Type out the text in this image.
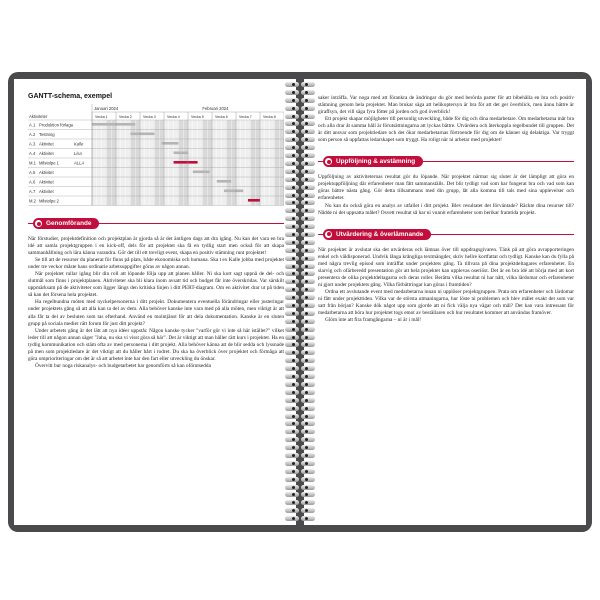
GANTT-schema, exempel
Januari 2024	Februari 2024
Aktiviteter	Vecka 1	Vecka 2	Vecka 3	Vecka 4	Vecka 5	Vecka 6	Vecka 7	Vecka 8
A.1 Produktion förlaga
A.2 Testning
A.3 Aktivitet	Kalle
A.4 Aktivitet	Lisa
M.1 Milstolpe 1	ALLA
A.5 Aktivitet
A.6 Aktivitet
A.7 Aktivitet
M.2 Milstolpe 2
Genomförande

När förstudier, projektdefinition och projektplan är gjorda så är det äntligen dags att dra igång. Nu kan det vara en bra idé att samla projektgruppen i en kick-off, dels för att projektet ska få en tydlig start men också för att skapa sammanhållning och lära känna varandra. Gör det till ett trevligt event, skapa en positiv stämning runt projektet!

Se till att de resurser du planerat för finns på plats, både ekonomiska och humana. Ska t ex Kalle jobba med projektet under tre veckor måste hans ordinarie arbetsuppgifter göras av någon annan.

När projektet rullar igång blir din roll att löpande följa upp att planen håller. Ni ska kort sagt uppnå de del- och slutmål som finns i projektplanen. Aktiviteter ska bli klara inom avsatt tid och budget får inte överskridas. Var särskilt uppmärksam på de aktiviteter som ligger längs den kritiska linjen i ditt PERT-diagram. Om en aktivitet drar ut på tiden så kan det försena hela projektet.

Ha regelbundna möten med nyckelpersonerna i ditt projekt. Dokumentera eventuella förändringar eller justeringar under projektets gång så att alla kan ta del av dem. Alla behöver kanske inte vara med på alla möten, men viktigt är att alla får ta del av besluten som tas efterhand. Använd en molntjänst för att dela dokumentation. Kanske är en sluten grupp på sociala medier rätt forum för just ditt projekt?

Under arbetets gång är det lätt att nya idéer uppstår. Någon kanske tycker "varför gör vi inte så här istället?" vilket leder till att någon annan säger "Jaha, nu ska vi visst göra så här". Det är viktigt att man håller rätt kurs i projektet. Ha en tydlig kommunikation och stäm ofta av med personerna i ditt projekt. Alla behöver känna att de blir sedda och lyssnade på men som projektledare är det viktigt att du håller hårt i rodret. Du ska ha överblick över projektet och förmåga att göra omprioriteringar om det är så att arbetet inte har den fart eller utveckling du önskar.

Övervitt bur noga riskanalys- och budgetarbetet har genomförts så kan oförutsedda

saker inträffa. Var noga med att förankra de ändringar du gör med berörda parter för att bibehålla en bra och positiv stämning genom hela projektet. Man brukar säga att helikoptersyn är bra för att det ger överblick, men ännu bättre är giraffsyn, det vill säga fyra fötter på jorden och god överblick!

Ett projekt skapar möjligheter till personlig utveckling, både för dig och dina medarbetare. Om medarbetarna mår bra och alla drar åt samma håll är förutsättningarna att lyckas bättre. Utvärdera och återkoppla regelbundet till gruppen. Det är ditt ansvar som projektledare och det ökar medarbetarnas förtroende för dig om de känner sig delaktiga. Var tryggt som person så uppfattas ledarskapet som tryggt. Ha roligt när ni arbetar med projektet!

Uppföljning & avstämning

Uppföljning av aktiviteternas resultat gör du löpande. När projektet närmar sig slutet är det lämpligt att göra en projektuppföljning där erfarenheter man fått sammanställs. Det blir tydligt vad som har fungerat bra och vad som kan göras bättre nästa gång. Gör detta tillsammans med din grupp, låt alla komma till tals med sina upplevelser och erfarenheter.

Nu kan du också göra en analys av utfallet i ditt projekt. Blev resultatet det förväntade? Räckte dina resurser till? Nådde ni det uppsatta målet? Osvett resultat så har ni vunnit erfarenheter som berikar framtida projekt.

Utvärdering & överlämnande

När projektet är avslutat ska det utvärderas och lämnas över till uppdragsgivaren. Tänk på att göra avrapporteringen enkel och väldisponerad. Undvik långa krångliga textmängder, skriv hellre kortfattat och tydligt. Kanske kan du fylla på med några trevlig episod som inträffat under projektets gång. Ta tillvara på dina projektdeltagares erfarenheter. En slarvig och ofärberedd presentation gör att hela projektet kan upplevas oseriöst. Det är en bra idé att börja med att kort presentera de olika projektdeltagarna och deras roller. Berätta vilka resultat ni har nått, vilka lärdomar och erfarenheter ni gjort under projektets gång. Vilka förbättringar kan göras i framtiden?

Ordna ett avslutande event med medarbetarna innan ni upplöser projektgruppen. Prata om erfarenheter och lärdomar ni fått under projekttiden. Vilka var de största utmaningarna, hur löste ni problemen och blev målet exakt det som var satt från början? Kanske dök något upp som gjorde att ni fick välja nya vägar och mål? Det kan vara intressant för medarbetarna att höra hur projektet togs emot av beställaren och hur resultatet kommer att användas framöver.

Glöm inte att fira framgångarna – ni är i mål!
